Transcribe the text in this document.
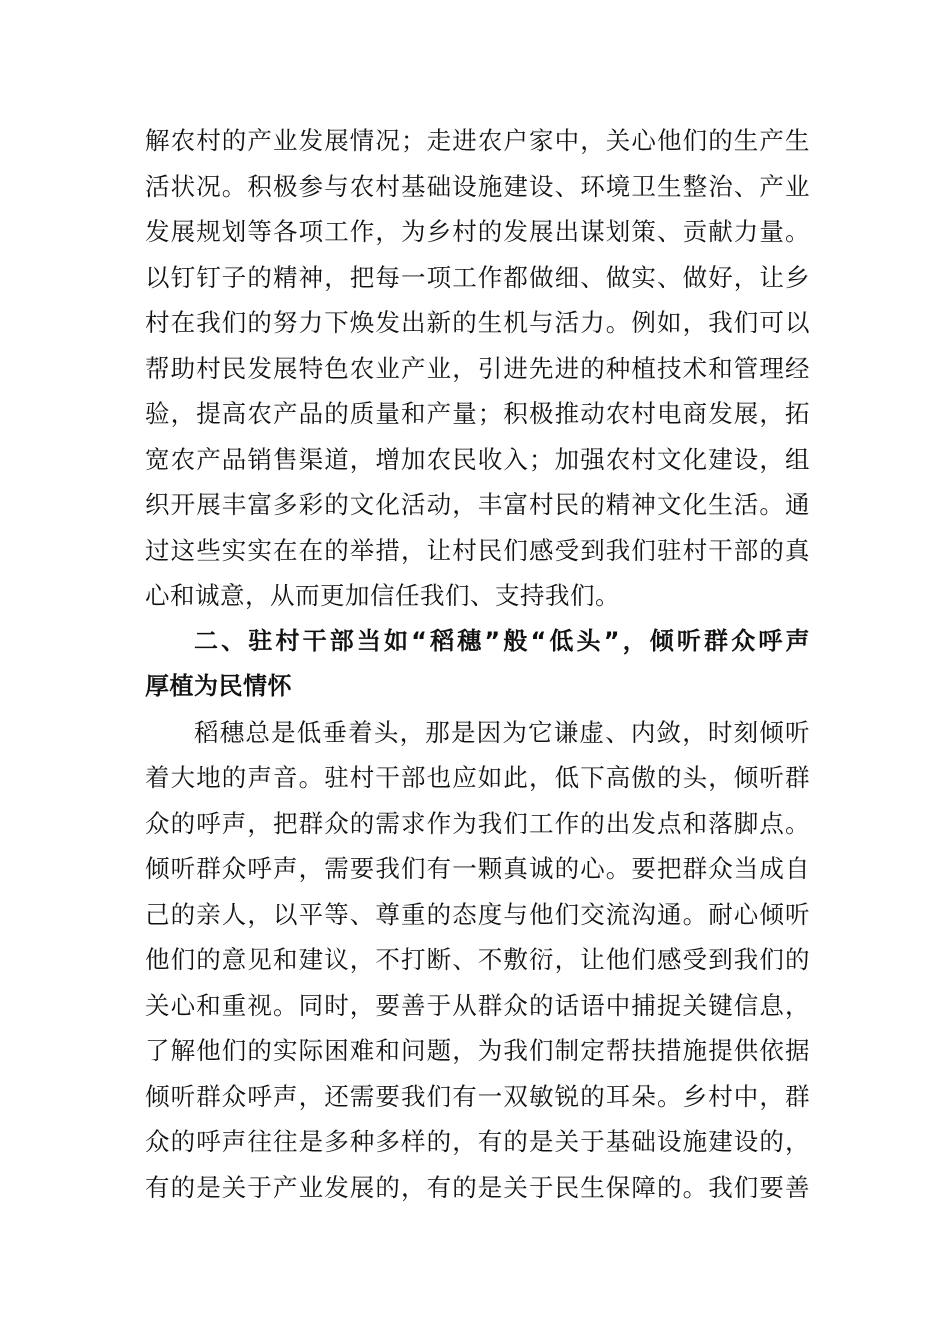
解农村的产业发展情况；走进农户家中，关心他们的生产生
活状况。积极参与农村基础设施建设、环境卫生整治、产业
发展规划等各项工作，为乡村的发展出谋划策、贡献力量。
以钉钉子的精神，把每一项工作都做细、做实、做好，让乡
村在我们的努力下焕发出新的生机与活力。例如，我们可以
帮助村民发展特色农业产业，引进先进的种植技术和管理经
验，提高农产品的质量和产量；积极推动农村电商发展，拓
宽农产品销售渠道，增加农民收入；加强农村文化建设，组
织开展丰富多彩的文化活动，丰富村民的精神文化生活。通
过这些实实在在的举措，让村民们感受到我们驻村干部的真
心和诚意，从而更加信任我们、支持我们。
二、驻村干部当如“稻穗”般“低头”，倾听群众呼声
厚植为民情怀
稻穗总是低垂着头，那是因为它谦虚、内敛，时刻倾听
着大地的声音。驻村干部也应如此，低下高傲的头，倾听群
众的呼声，把群众的需求作为我们工作的出发点和落脚点。
倾听群众呼声，需要我们有一颗真诚的心。要把群众当成自
己的亲人，以平等、尊重的态度与他们交流沟通。耐心倾听
他们的意见和建议，不打断、不敷衍，让他们感受到我们的
关心和重视。同时，要善于从群众的话语中捕捉关键信息，
了解他们的实际困难和问题，为我们制定帮扶措施提供依据
倾听群众呼声，还需要我们有一双敏锐的耳朵。乡村中，群
众的呼声往往是多种多样的，有的是关于基础设施建设的，
有的是关于产业发展的，有的是关于民生保障的。我们要善
